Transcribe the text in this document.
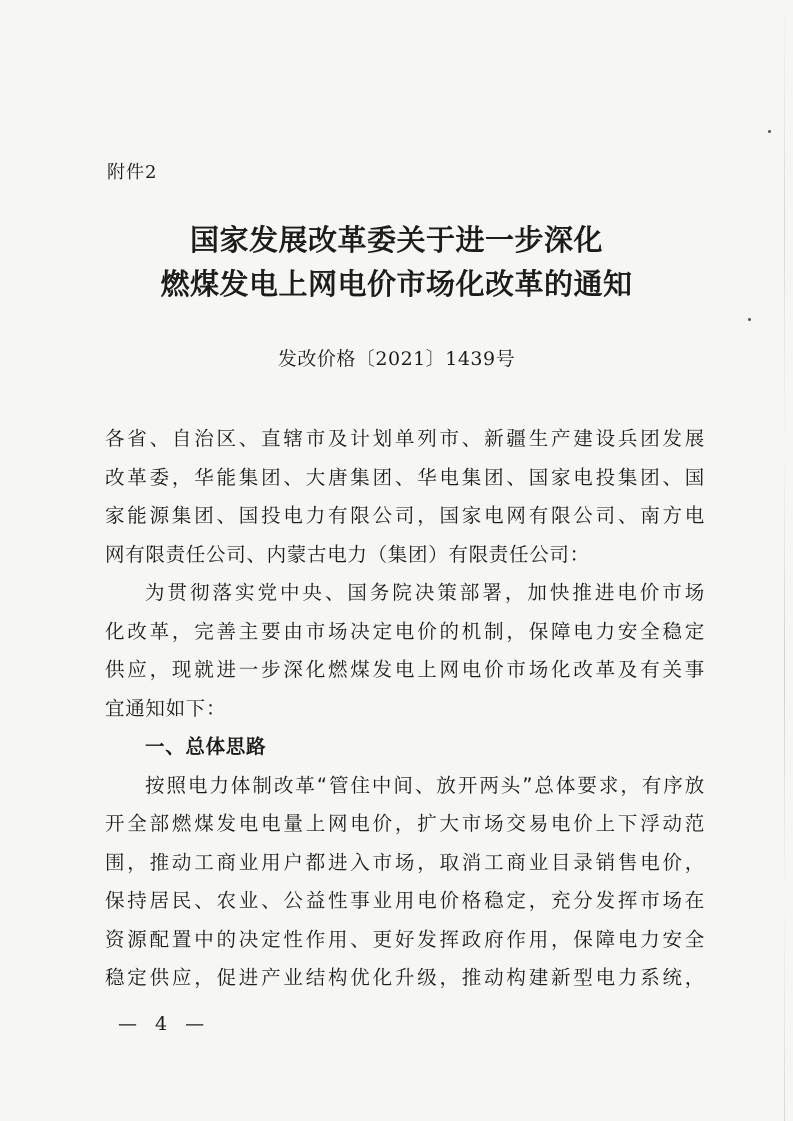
附件2
国家发展改革委关于进一步深化
燃煤发电上网电价市场化改革的通知
发改价格〔2021〕1439号
各省、自治区、直辖市及计划单列市、新疆生产建设兵团发展
改革委，华能集团、大唐集团、华电集团、国家电投集团、国
家能源集团、国投电力有限公司，国家电网有限公司、南方电
网有限责任公司、内蒙古电力（集团）有限责任公司：
为贯彻落实党中央、国务院决策部署，加快推进电价市场
化改革，完善主要由市场决定电价的机制，保障电力安全稳定
供应，现就进一步深化燃煤发电上网电价市场化改革及有关事
宜通知如下：
一、总体思路
按照电力体制改革“管住中间、放开两头”总体要求，有序放
开全部燃煤发电电量上网电价，扩大市场交易电价上下浮动范
围，推动工商业用户都进入市场，取消工商业目录销售电价，
保持居民、农业、公益性事业用电价格稳定，充分发挥市场在
资源配置中的决定性作用、更好发挥政府作用，保障电力安全
稳定供应，促进产业结构优化升级，推动构建新型电力系统，
— 4 —
